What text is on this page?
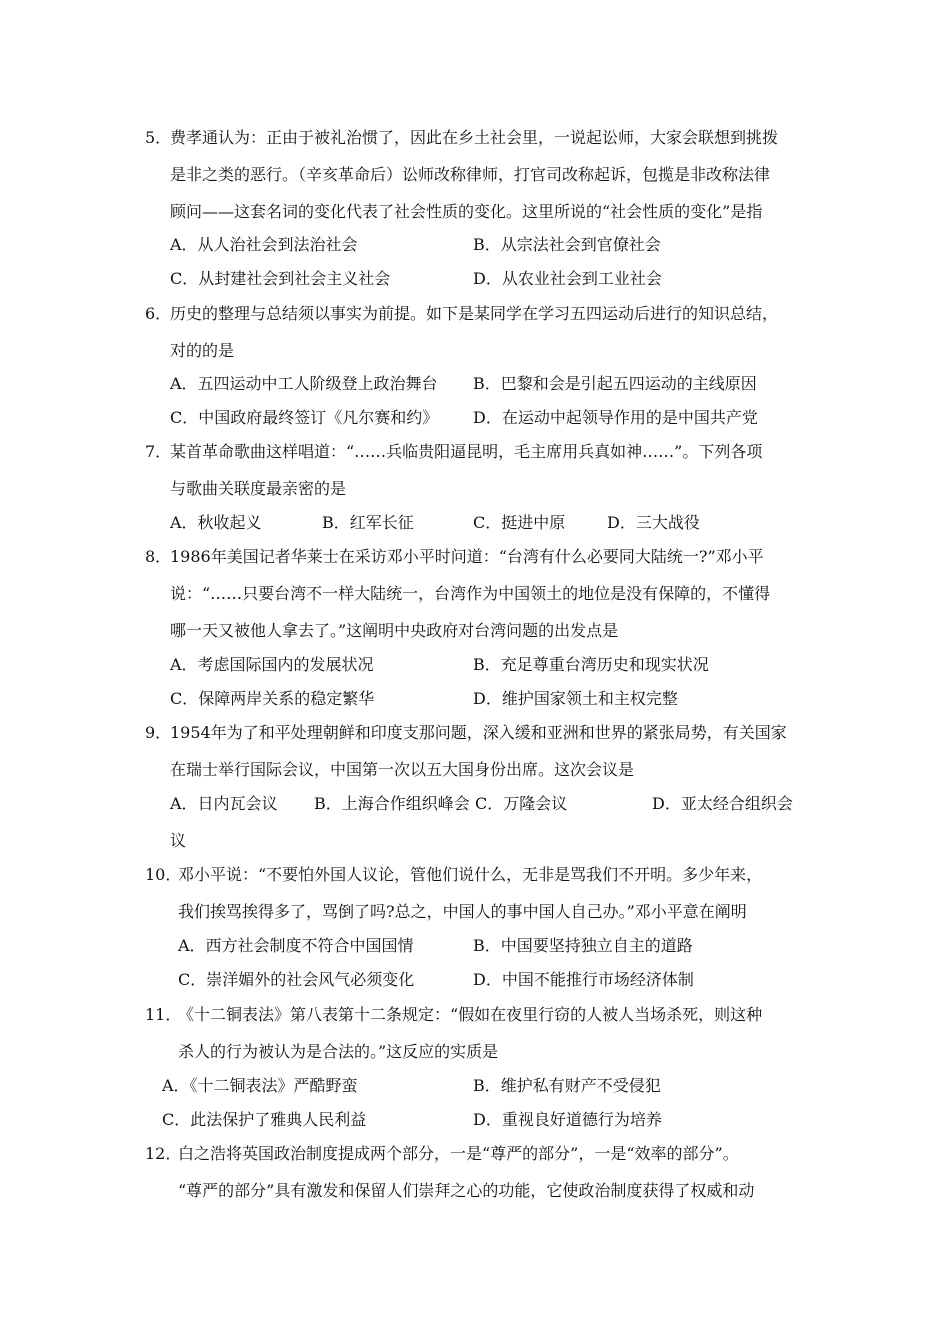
5．
费孝通认为：正由于被礼治惯了，因此在乡土社会里，一说起讼师，大家会联想到挑拨
是非之类的恶行。（辛亥革命后）讼师改称律师，打官司改称起诉，包揽是非改称法律
顾问——这套名词的变化代表了社会性质的变化。这里所说的“社会性质的变化”是指
A．从人治社会到法治社会	B．从宗法社会到官僚社会
C．从封建社会到社会主义社会	D．从农业社会到工业社会
6．
历史的整理与总结须以事实为前提。如下是某同学在学习五四运动后进行的知识总结，
对的的是
A．五四运动中工人阶级登上政治舞台 B．巴黎和会是引起五四运动的主线原因
C．中国政府最终签订《凡尔赛和约》 D．在运动中起领导作用的是中国共产党
7．
某首革命歌曲这样唱道：“……兵临贵阳逼昆明，毛主席用兵真如神……”。下列各项
与歌曲关联度最亲密的是
A．秋收起义	B．红军长征	C．挺进中原	D．三大战役
8．
1986年美国记者华莱士在采访邓小平时问道：“台湾有什么必要同大陆统一?”邓小平
说：“……只要台湾不一样大陆统一，台湾作为中国领土的地位是没有保障的，不懂得
哪一天又被他人拿去了。”这阐明中央政府对台湾问题的出发点是
A．考虑国际国内的发展状况	B．充足尊重台湾历史和现实状况
C．保障两岸关系的稳定繁华	D．维护国家领土和主权完整
9．
1954年为了和平处理朝鲜和印度支那问题，深入缓和亚洲和世界的紧张局势，有关国家
在瑞士举行国际会议，中国第一次以五大国身份出席。这次会议是
A．日内瓦会议 B．上海合作组织峰会 C．万隆会议	D．亚太经合组织会
议
10．
邓小平说：“不要怕外国人议论，管他们说什么，无非是骂我们不开明。多少年来，
我们挨骂挨得多了，骂倒了吗?总之，中国人的事中国人自己办。”邓小平意在阐明
A．西方社会制度不符合中国国情	B．中国要坚持独立自主的道路
C．崇洋媚外的社会风气必须变化	D．中国不能推行市场经济体制
11．
《十二铜表法》第八表第十二条规定：“假如在夜里行窃的人被人当场杀死，则这种
杀人的行为被认为是合法的。”这反应的实质是
A．《十二铜表法》严酷野蛮	B．维护私有财产不受侵犯
C．此法保护了雅典人民利益	D．重视良好道德行为培养
12．
白之浩将英国政治制度提成两个部分，一是“尊严的部分”，一是“效率的部分”。
“尊严的部分”具有激发和保留人们崇拜之心的功能，它使政治制度获得了权威和动
